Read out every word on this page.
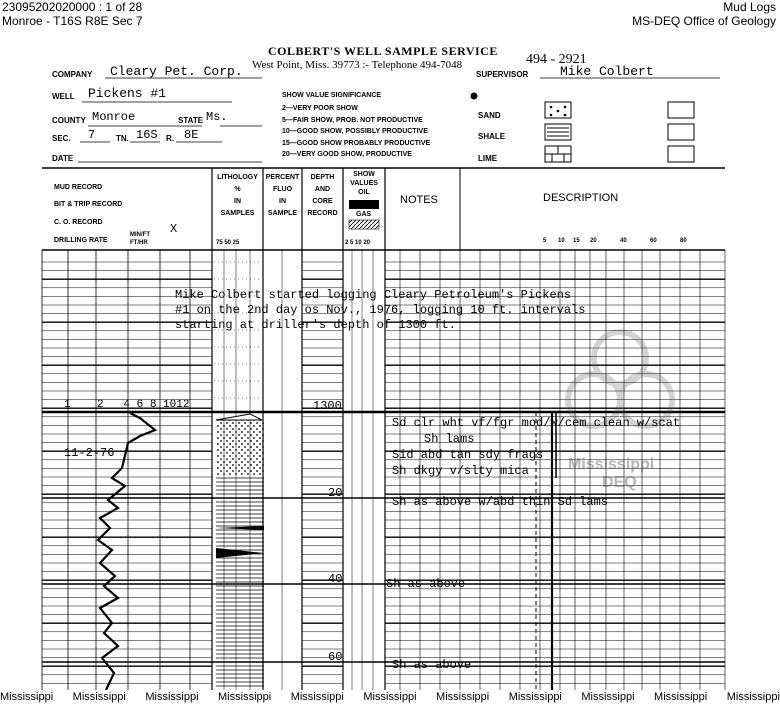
23095202020000 : 1 of 28
Monroe - T16S R8E Sec 7
Mud Logs
MS-DEQ Office of Geology
COLBERT'S WELL SAMPLE SERVICE
West Point, Miss. 39773 :- Telephone 494-7048	494 - 2921
COMPANY Cleary Pet. Corp.
WELL Pickens #1
COUNTY Monroe	STATE Ms.
SEC. 7	TN. 16S R. 8E
DATE
SUPERVISOR Mike Colbert
SHOW VALUE SIGNIFICANCE
2—VERY POOR SHOW
5—FAIR SHOW, PROB. NOT PRODUCTIVE
10—GOOD SHOW, POSSIBLY PRODUCTIVE
15—GOOD SHOW PROBABLY PRODUCTIVE
20—VERY GOOD SHOW, PRODUCTIVE
SAND
SHALE
LIME
MUD RECORD
BIT & TRIP RECORD
C. O. RECORD
DRILLING RATE
MIN/FT
FT/HR
X
LITHOLOGY
%
IN
SAMPLES
75 50 25
PERCENT
FLUO
IN
SAMPLE
DEPTH
AND
CORE
RECORD
SHOW
VALUES
OIL
GAS
2 5 10 20
NOTES	DESCRIPTION
5 10 15 20	40	60	80
Mike Colbert started logging Cleary Petroleum's Pickens
#1 on the 2nd day os Nov., 1976, logging 10 ft. intervals
starting at driller's depth of 1300 ft.
1    2   4 6 8 1012
11-2-76
1300
20
40
60
Sd clr wht vf/fgr mod/w/cem clean w/scat
Sh lams
Sid abd tan sdy frags
Sh dkgy v/slty mica
Sh as above w/abd thin Sd lams
Sh as above
Sh as above
Mississippi
DEQ
Mississippi Mississippi Mississippi Mississippi Mississippi Mississippi Mississippi Mississippi Mississippi Mississippi Mississippi
